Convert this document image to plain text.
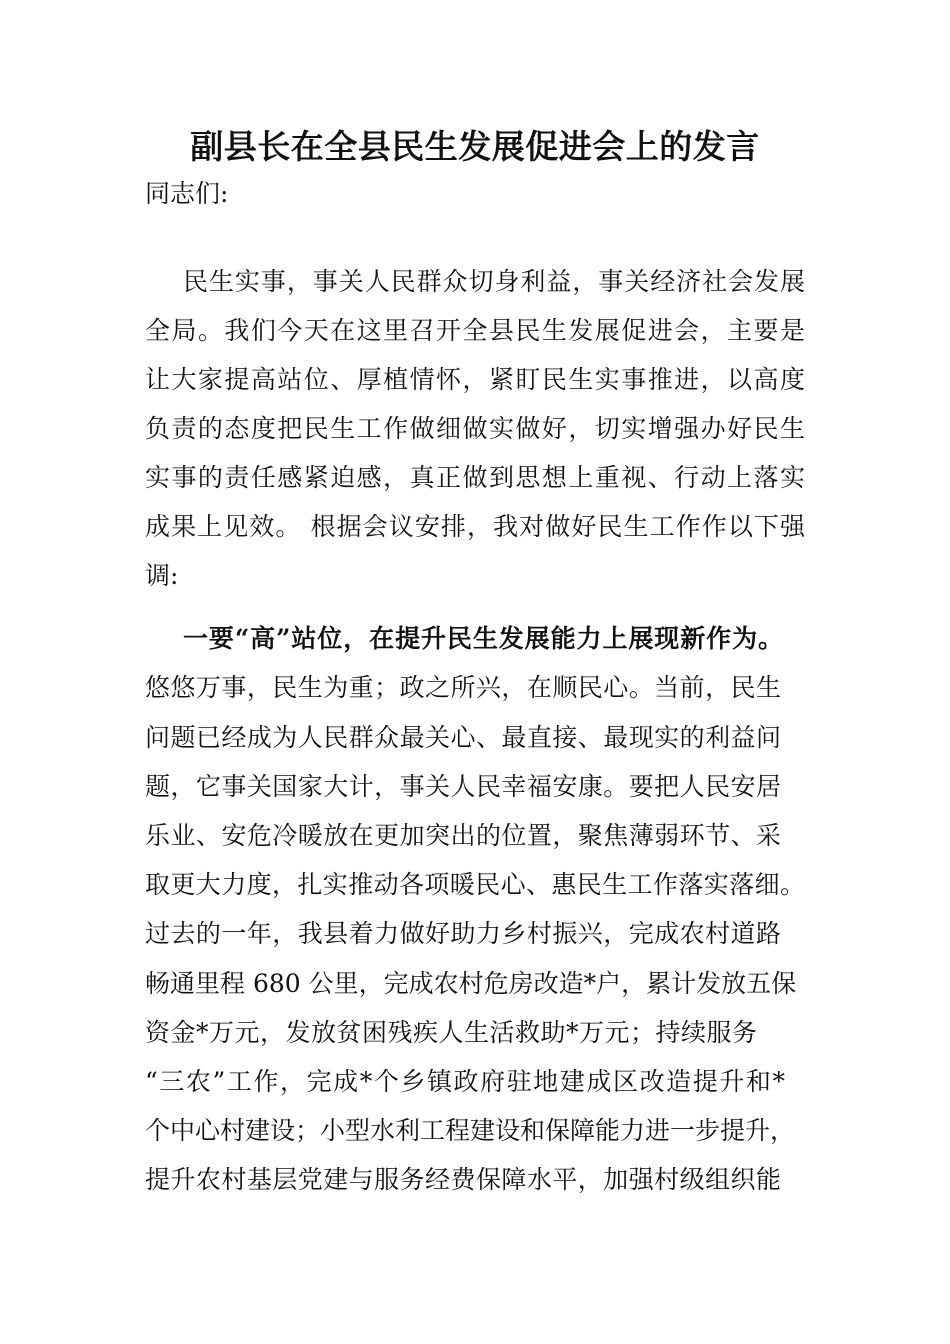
副县长在全县民生发展促进会上的发言
同志们:
民生实事，事关人民群众切身利益，事关经济社会发展
全局。我们今天在这里召开全县民生发展促进会，主要是
让大家提高站位、厚植情怀，紧盯民生实事推进，以高度
负责的态度把民生工作做细做实做好，切实增强办好民生
实事的责任感紧迫感，真正做到思想上重视、行动上落实
成果上见效。 根据会议安排，我对做好民生工作作以下强
调:
一要“高”站位，在提升民生发展能力上展现新作为。
悠悠万事，民生为重；政之所兴，在顺民心。当前，民生
问题已经成为人民群众最关心、最直接、最现实的利益问
题，它事关国家大计，事关人民幸福安康。要把人民安居
乐业、安危冷暖放在更加突出的位置，聚焦薄弱环节、采
取更大力度，扎实推动各项暖民心、惠民生工作落实落细。
过去的一年，我县着力做好助力乡村振兴，完成农村道路
畅通里程 680 公里，完成农村危房改造*户，累计发放五保
资金*万元，发放贫困残疾人生活救助*万元；持续服务
“三农”工作，完成*个乡镇政府驻地建成区改造提升和*
个中心村建设；小型水利工程建设和保障能力进一步提升，
提升农村基层党建与服务经费保障水平，加强村级组织能
